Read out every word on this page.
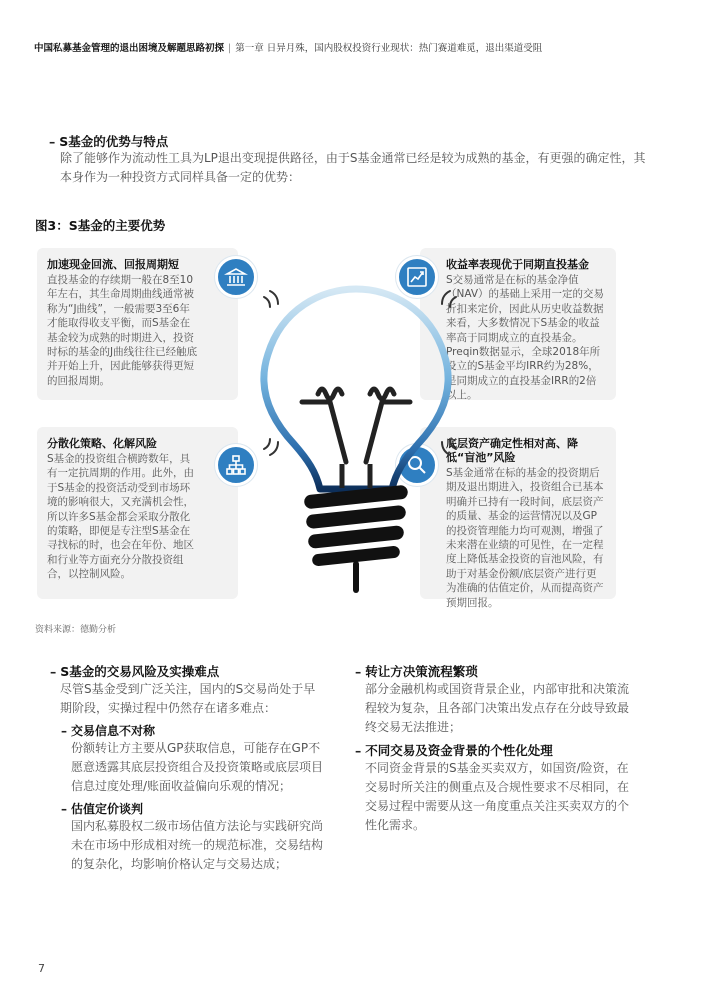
中国私募基金管理的退出困境及解题思路初探 | 第一章 日异月殊，国内股权投资行业现状：热门赛道难觅，退出渠道受阻
– S基金的优势与特点
除了能够作为流动性工具为LP退出变现提供路径，由于S基金通常已经是较为成熟的基金，有更强的确定性，其本身作为一种投资方式同样具备一定的优势：
图3：S基金的主要优势
加速现金回流、回报周期短
直投基金的存续期一般在8至10年左右，其生命周期曲线通常被称为“J曲线”，一般需要3至6年才能取得收支平衡，而S基金在基金较为成熟的时期进入，投资时标的基金的J曲线往往已经触底并开始上升，因此能够获得更短的回报周期。
收益率表现优于同期直投基金
S交易通常是在标的基金净值（NAV）的基础上采用一定的交易折扣来定价，因此从历史收益数据来看，大多数情况下S基金的收益率高于同期成立的直投基金。Preqin数据显示，全球2018年所设立的S基金平均IRR约为28%，是同期成立的直投基金IRR的2倍以上。
分散化策略、化解风险
S基金的投资组合横跨数年，具有一定抗周期的作用。此外，由于S基金的投资活动受到市场环境的影响很大，又充满机会性，所以许多S基金都会采取分散化的策略，即便是专注型S基金在寻找标的时，也会在年份、地区和行业等方面充分分散投资组合，以控制风险。
底层资产确定性相对高、降低“盲池”风险
S基金通常在标的基金的投资期后期及退出期进入，投资组合已基本明确并已持有一段时间，底层资产的质量、基金的运营情况以及GP的投资管理能力均可观测，增强了未来潜在业绩的可见性，在一定程度上降低基金投资的盲池风险，有助于对基金份额/底层资产进行更为准确的估值定价，从而提高资产预期回报。
资料来源：德勤分析
– S基金的交易风险及实操难点
尽管S基金受到广泛关注，国内的S交易尚处于早期阶段，实操过程中仍然存在诸多难点：
– 交易信息不对称
份额转让方主要从GP获取信息，可能存在GP不愿意透露其底层投资组合及投资策略或底层项目信息过度处理/账面收益偏向乐观的情况；
– 估值定价谈判
国内私募股权二级市场估值方法论与实践研究尚未在市场中形成相对统一的规范标准，交易结构的复杂化，均影响价格认定与交易达成；
– 转让方决策流程繁琐
部分金融机构或国资背景企业，内部审批和决策流程较为复杂，且各部门决策出发点存在分歧导致最终交易无法推进；
– 不同交易及资金背景的个性化处理
不同资金背景的S基金买卖双方，如国资/险资，在交易时所关注的侧重点及合规性要求不尽相同，在交易过程中需要从这一角度重点关注买卖双方的个性化需求。
7
